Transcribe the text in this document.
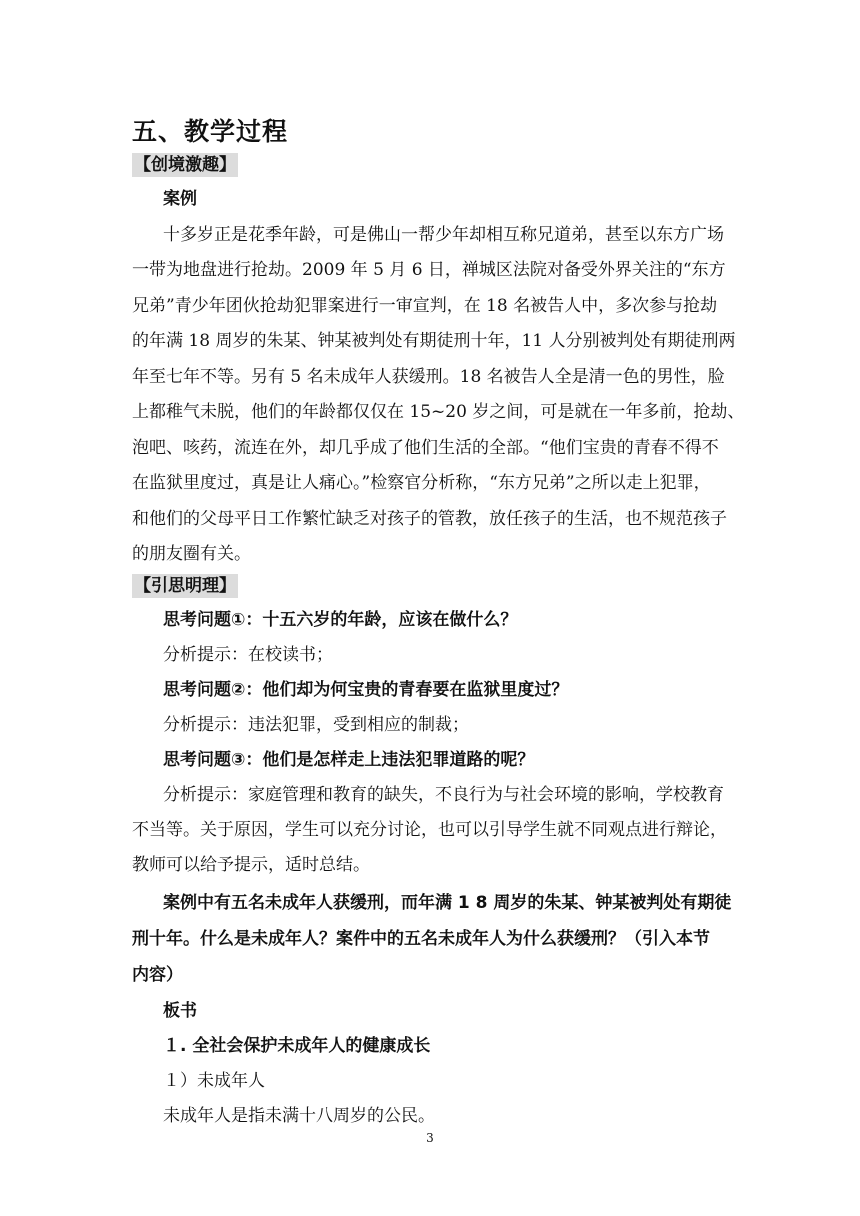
五、教学过程
【创境激趣】
案例
十多岁正是花季年龄，可是佛山一帮少年却相互称兄道弟，甚至以东方广场
一带为地盘进行抢劫。2009 年 5 月 6 日，禅城区法院对备受外界关注的“东方
兄弟”青少年团伙抢劫犯罪案进行一审宣判，在 18 名被告人中，多次参与抢劫
的年满 18 周岁的朱某、钟某被判处有期徒刑十年，11 人分别被判处有期徒刑两
年至七年不等。另有 5 名未成年人获缓刑。18 名被告人全是清一色的男性，脸
上都稚气未脱，他们的年龄都仅仅在 15~20 岁之间，可是就在一年多前，抢劫、
泡吧、咳药，流连在外，却几乎成了他们生活的全部。“他们宝贵的青春不得不
在监狱里度过，真是让人痛心。”检察官分析称，“东方兄弟”之所以走上犯罪，
和他们的父母平日工作繁忙缺乏对孩子的管教，放任孩子的生活，也不规范孩子
的朋友圈有关。
【引思明理】
思考问题①：十五六岁的年龄，应该在做什么？
分析提示：在校读书；
思考问题②：他们却为何宝贵的青春要在监狱里度过？
分析提示：违法犯罪，受到相应的制裁；
思考问题③：他们是怎样走上违法犯罪道路的呢？
分析提示：家庭管理和教育的缺失，不良行为与社会环境的影响，学校教育
不当等。关于原因，学生可以充分讨论，也可以引导学生就不同观点进行辩论，
教师可以给予提示，适时总结。
案例中有五名未成年人获缓刑，而年满 1 8 周岁的朱某、钟某被判处有期徒
刑十年。什么是未成年人？案件中的五名未成年人为什么获缓刑？（引入本节
内容）
板书
１. 全社会保护未成年人的健康成长
１）未成年人
未成年人是指未满十八周岁的公民。
3
